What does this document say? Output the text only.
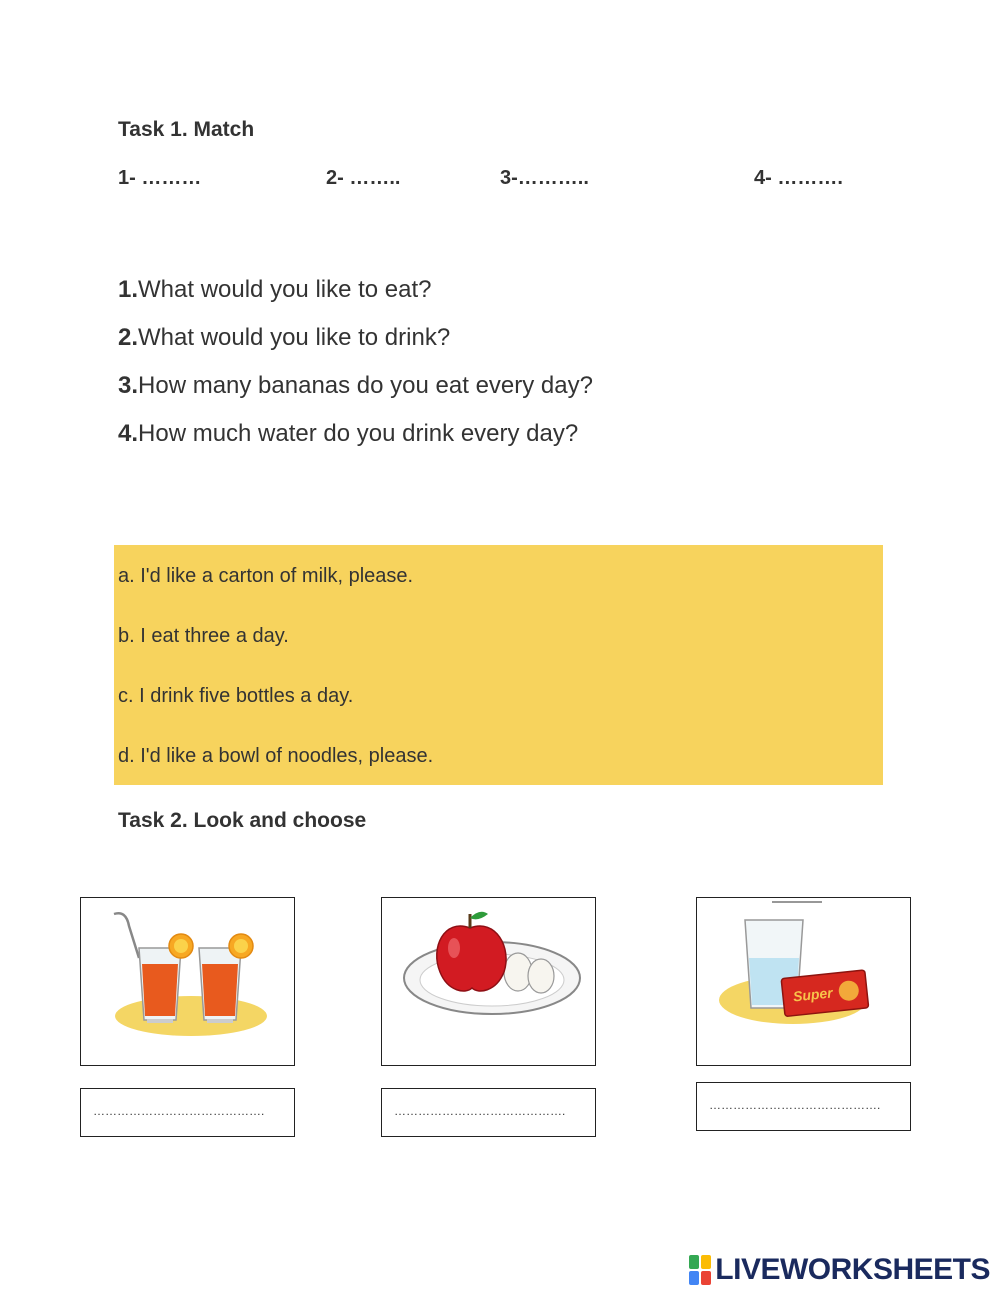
Task 1. Match
1- ………	2- ……..	3-………..	4- ……….
1.What would you like to eat?
2.What would you like to drink?
3.How many bananas do you eat every day?
4.How much water do you drink every day?
a. I'd like a carton of milk, please.
b. I eat three a day.
c. I drink five bottles a day.
d. I'd like a bowl of noodles, please.
Task 2. Look and choose
Super
…………………………………….	…………………………………….	…………………………………….
LIVEWORKSHEETS
